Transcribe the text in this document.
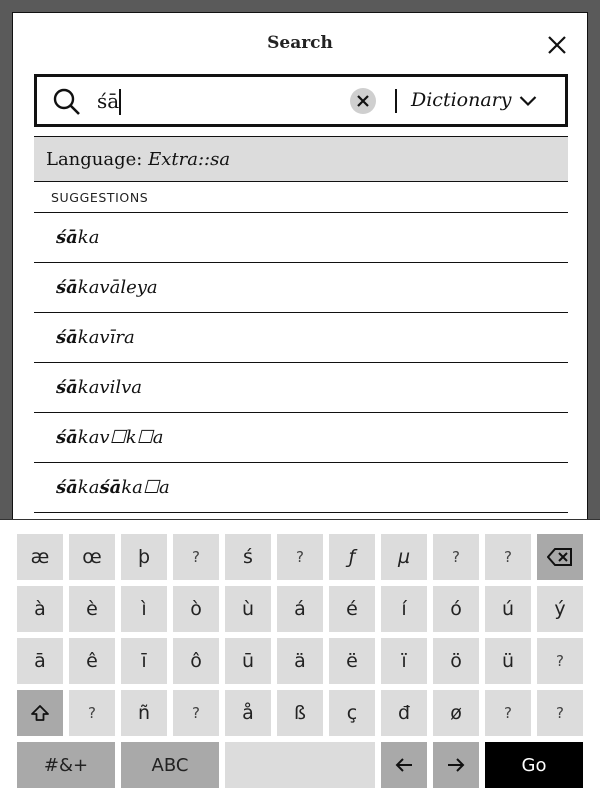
Search
śā
Dictionary
Language: Extra::sa
SUGGESTIONS
śāka
śākavāleya
śākavīra
śākavilva
śākav☐k☐a
śākaśāka☐a
æ	œ	þ	?	ś	?	ƒ	µ	?	?
à	è	ì	ò	ù	á	é	í	ó	ú	ý
ā	ê	ī	ô	ū	ä	ë	ï	ö	ü	?
?	ñ	?	å	ß	ç	đ	ø	?	?
#&+	ABC	Go
